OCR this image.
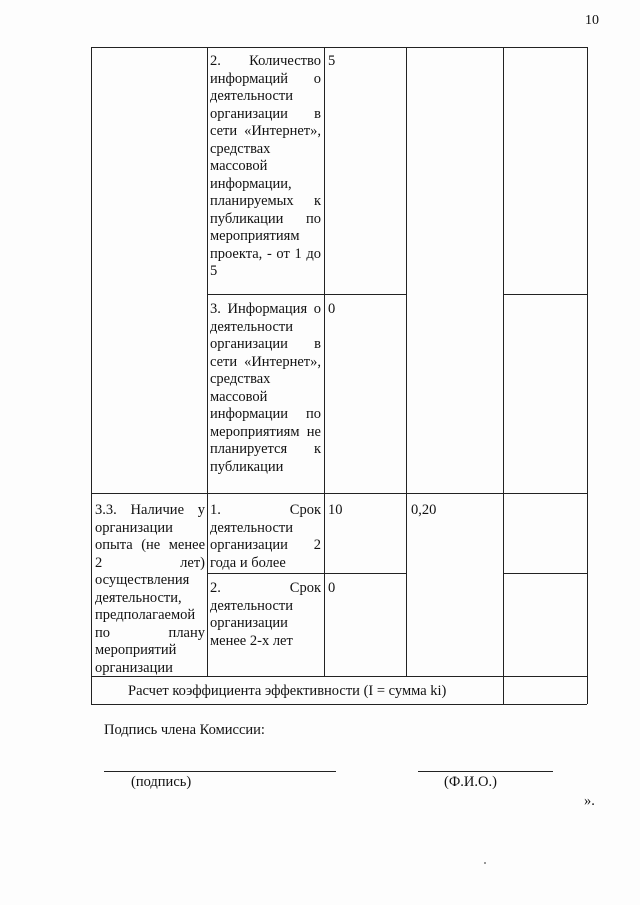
10
2. Количество информаций о деятельности организации в сети «Интернет», средствах массовой информации, планируемых к публикации по мероприятиям проекта, - от 1 до 5
5
3. Информация о деятельности организации в сети «Интернет», средствах массовой информации по мероприятиям не планируется к публикации
0
3.3. Наличие у организации опыта (не менее 2 лет) осуществления деятельности, предполагаемой по плану мероприятий организации
1. Срок деятельности организации 2 года и более
10	0,20
2. Срок деятельности организации менее 2-х лет
0
Расчет коэффициента эффективности (I = сумма ki)
Подпись члена Комиссии:
(подпись)	(Ф.И.О.)
».
